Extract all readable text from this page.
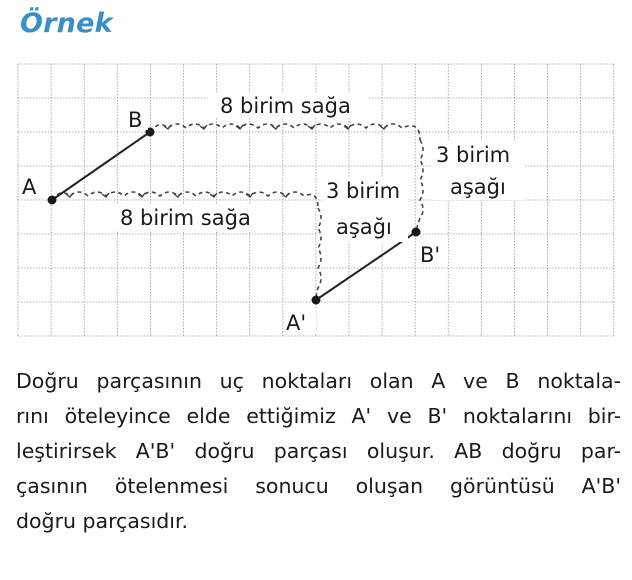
Örnek
A
B
A'
B'
8 birim sağa
8 birim sağa
3 birim
aşağı
3 birim
aşağı
Doğru parçasının uç noktaları olan A ve B noktala-
rını öteleyince elde ettiğimiz A' ve B' noktalarını bir-
leştirirsek A'B' doğru parçası oluşur. AB doğru par-
çasının ötelenmesi sonucu oluşan görüntüsü A'B'
doğru parçasıdır.
